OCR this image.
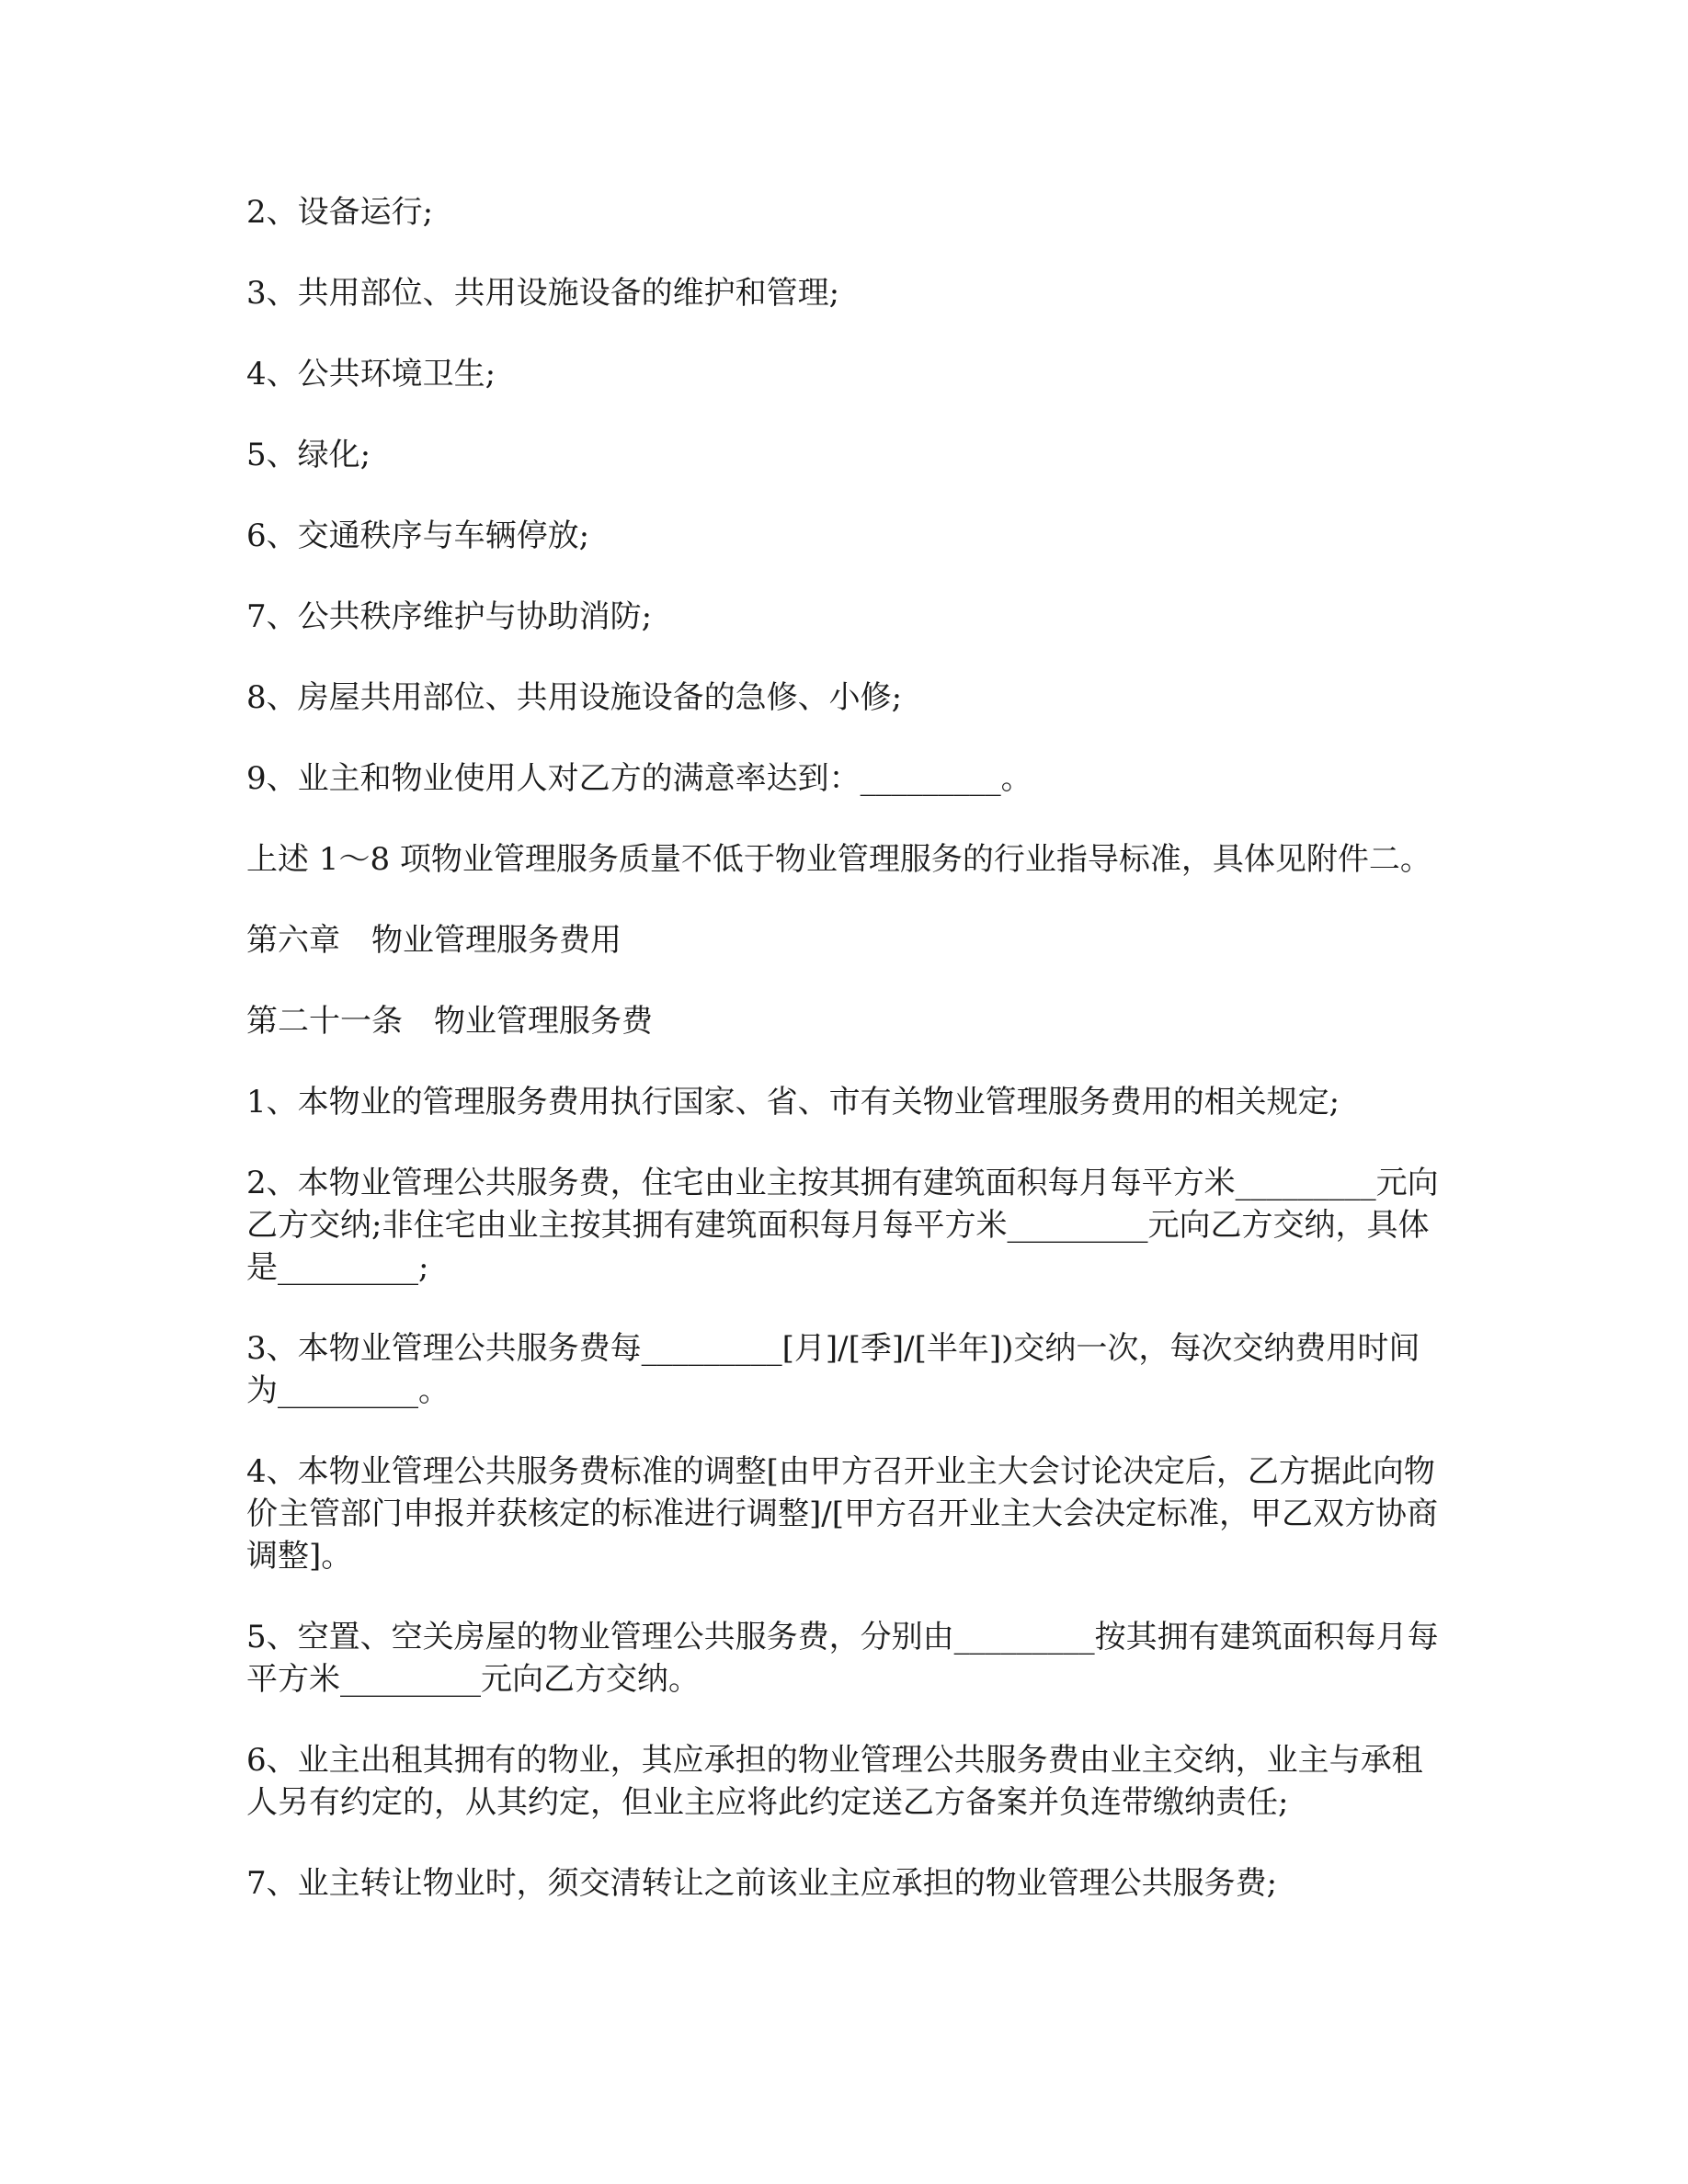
2、设备运行;

3、共用部位、共用设施设备的维护和管理;

4、公共环境卫生;

5、绿化;

6、交通秩序与车辆停放;

7、公共秩序维护与协助消防;

8、房屋共用部位、共用设施设备的急修、小修;

9、业主和物业使用人对乙方的满意率达到：_________。

上述 1～8 项物业管理服务质量不低于物业管理服务的行业指导标准，具体见附件二。

第六章　物业管理服务费用

第二十一条　物业管理服务费

1、本物业的管理服务费用执行国家、省、市有关物业管理服务费用的相关规定;

2、本物业管理公共服务费，住宅由业主按其拥有建筑面积每月每平方米_________元向乙方交纳;非住宅由业主按其拥有建筑面积每月每平方米_________元向乙方交纳，具体是_________;

3、本物业管理公共服务费每_________[月]/[季]/[半年])交纳一次，每次交纳费用时间为_________。

4、本物业管理公共服务费标准的调整[由甲方召开业主大会讨论决定后，乙方据此向物价主管部门申报并获核定的标准进行调整]/[甲方召开业主大会决定标准，甲乙双方协商调整]。

5、空置、空关房屋的物业管理公共服务费，分别由_________按其拥有建筑面积每月每平方米_________元向乙方交纳。

6、业主出租其拥有的物业，其应承担的物业管理公共服务费由业主交纳，业主与承租人另有约定的，从其约定，但业主应将此约定送乙方备案并负连带缴纳责任;

7、业主转让物业时，须交清转让之前该业主应承担的物业管理公共服务费;
